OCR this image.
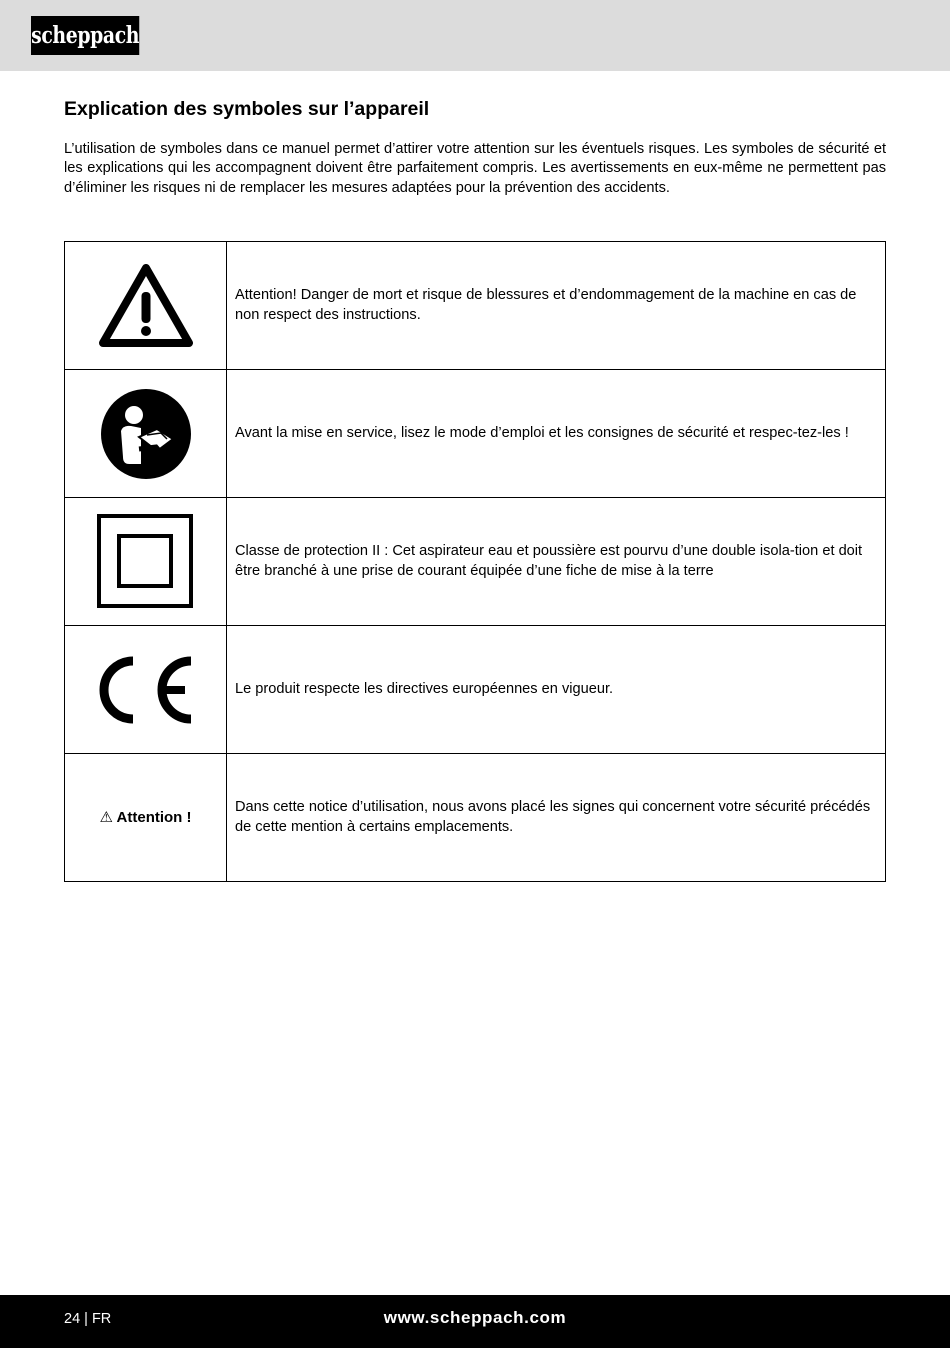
scheppach
Explication des symboles sur l’appareil

L’utilisation de symboles dans ce manuel permet d’attirer votre attention sur les éventuels risques. Les symboles de sécurité et les explications qui les accompagnent doivent être parfaitement compris. Les avertissements en eux-même ne permettent pas d’éliminer les risques ni de remplacer les mesures adaptées pour la prévention des accidents.

Attention! Danger de mort et risque de blessures et d’endommagement de la machine en cas de non respect des instructions.

Avant la mise en service, lisez le mode d’emploi et les consignes de sécurité et respec-tez-les !

Classe de protection II : Cet aspirateur eau et poussière est pourvu d’une double isola-tion et doit être branché à une prise de courant équipée d’une fiche de mise à la terre

Le produit respecte les directives européennes en vigueur.

⚠ Attention !	Dans cette notice d’utilisation, nous avons placé les signes qui concernent votre sécurité précédés de cette mention à certains emplacements.
24 | FR	www.scheppach.com
